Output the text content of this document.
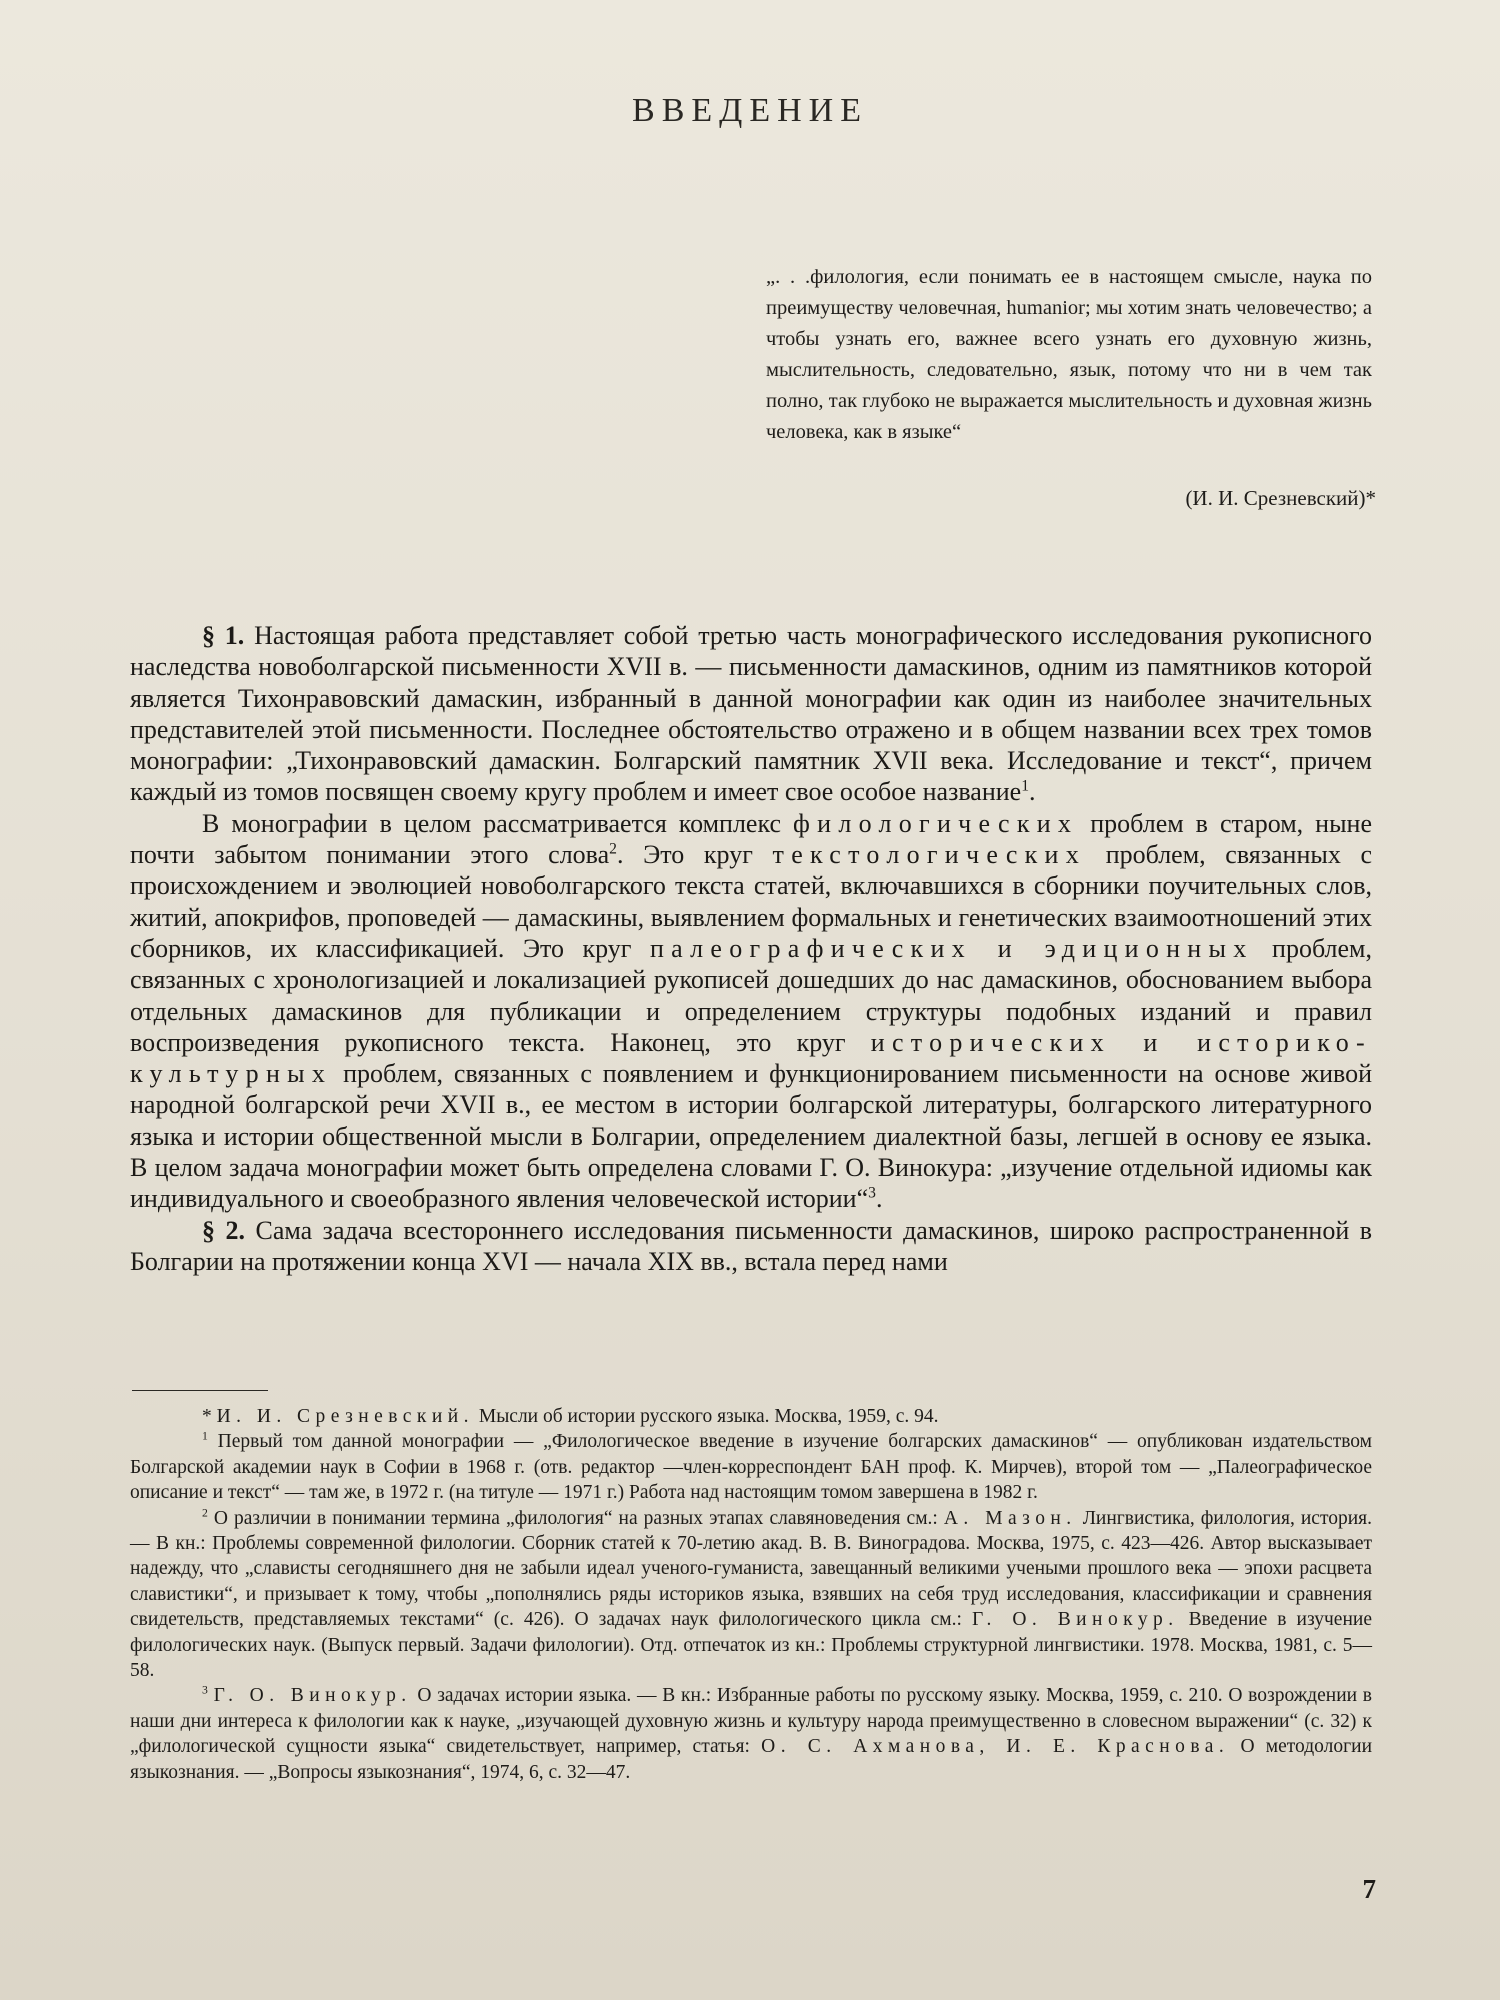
ВВЕДЕНИЕ
„. . .филология, если понимать ее в настоящем смысле, наука по преимуществу человечная, humanior; мы хотим знать человечество; а чтобы узнать его, важнее всего узнать его духовную жизнь, мыслительность, следовательно, язык, потому что ни в чем так полно, так глубоко не выражается мыслительность и духовная жизнь человека, как в языке“
(И. И. Срезневский)*

§ 1. Настоящая работа представляет собой третью часть монографического исследования рукописного наследства новоболгарской письменности XVII в. — письменности дамаскинов, одним из памятников которой является Тихонравовский дамаскин, избранный в данной монографии как один из наиболее значительных представителей этой письменности. Последнее обстоятельство отражено и в общем названии всех трех томов монографии: „Тихонравовский дамаскин. Болгарский памятник XVII века. Исследование и текст“, причем каждый из томов посвящен своему кругу проблем и имеет свое особое название$^1$.

В монографии в целом рассматривается комплекс филологических проблем в старом, ныне почти забытом понимании этого слова$^2$. Это круг текстологических проблем, связанных с происхождением и эволюцией новоболгарского текста статей, включавшихся в сборники поучительных слов, житий, апокрифов, проповедей — дамаскины, выявлением формальных и генетических взаимоотношений этих сборников, их классификацией. Это круг палеографических и эдиционных проблем, связанных с хронологизацией и локализацией рукописей дошедших до нас дамаскинов, обоснованием выбора отдельных дамаскинов для публикации и определением структуры подобных изданий и правил воспроизведения рукописного текста. Наконец, это круг исторических и историко-культурных проблем, связанных с появлением и функционированием письменности на основе живой народной болгарской речи XVII в., ее местом в истории болгарской литературы, болгарского литературного языка и истории общественной мысли в Болгарии, определением диалектной базы, легшей в основу ее языка. В целом задача монографии может быть определена словами Г. О. Винокура: „изучение отдельной идиомы как индивидуального и своеобразного явления человеческой истории“$^3$.

§ 2. Сама задача всестороннего исследования письменности дамаскинов, широко распространенной в Болгарии на протяжении конца XVI — начала XIX вв., встала перед нами

* И. И. Срезневский. Мысли об истории русского языка. Москва, 1959, с. 94.

$^1$ Первый том данной монографии — „Филологическое введение в изучение болгарских дамаскинов“ — опубликован издательством Болгарской академии наук в Софии в 1968 г. (отв. редактор —член-корреспондент БАН проф. К. Мирчев), второй том — „Палеографическое описание и текст“ — там же, в 1972 г. (на титуле — 1971 г.) Работа над настоящим томом завершена в 1982 г.

$^2$ О различии в понимании термина „филология“ на разных этапах славяноведения см.: А. Мазон. Лингвистика, филология, история. — В кн.: Проблемы современной филологии. Сборник статей к 70-летию акад. В. В. Виноградова. Москва, 1975, с. 423—426. Автор высказывает надежду, что „слависты сегодняшнего дня не забыли идеал ученого-гуманиста, завещанный великими учеными прошлого века — эпохи расцвета славистики“, и призывает к тому, чтобы „пополнялись ряды историков языка, взявших на себя труд исследования, классификации и сравнения свидетельств, представляемых текстами“ (с. 426). О задачах наук филологического цикла см.: Г. О. Винокур. Введение в изучение филологических наук. (Выпуск первый. Задачи филологии). Отд. отпечаток из кн.: Проблемы структурной лингвистики. 1978. Москва, 1981, с. 5—58.

$^3$ Г. О. Винокур. О задачах истории языка. — В кн.: Избранные работы по русскому языку. Москва, 1959, с. 210. О возрождении в наши дни интереса к филологии как к науке, „изучающей духовную жизнь и культуру народа преимущественно в словесном выражении“ (с. 32) к „филологической сущности языка“ свидетельствует, например, статья: О. С. Ахманова, И. Е. Краснова. О методологии языкознания. — „Вопросы языкознания“, 1974, 6, с. 32—47.

7
